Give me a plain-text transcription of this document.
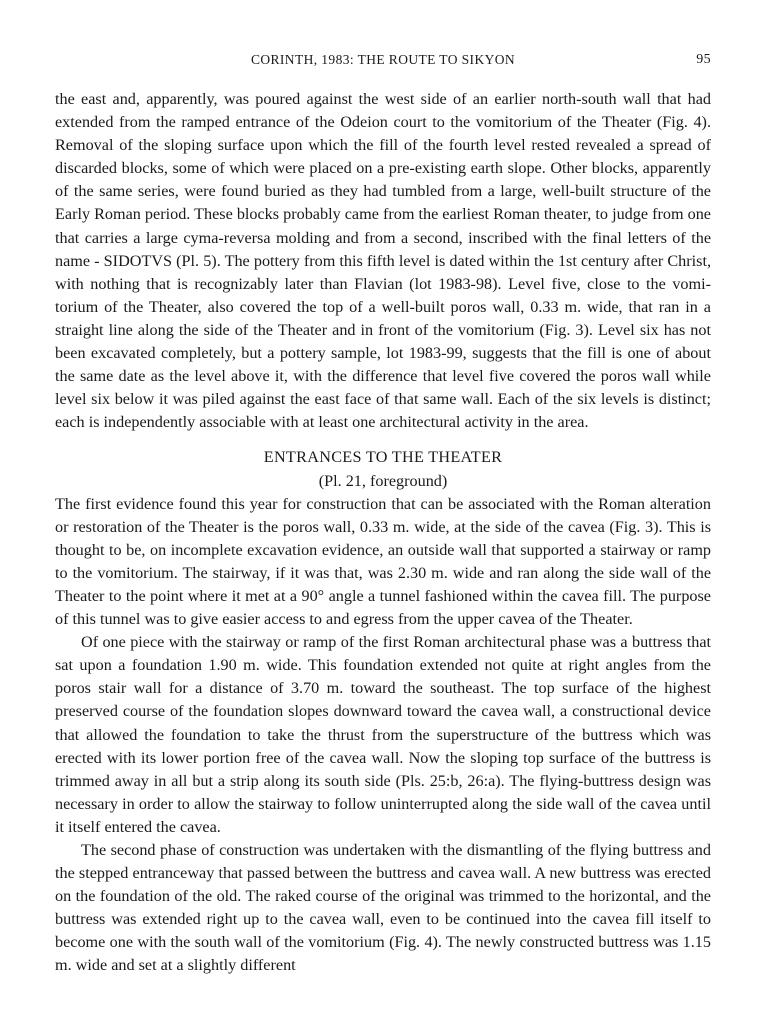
CORINTH, 1983: THE ROUTE TO SIKYON	95

the east and, apparently, was poured against the west side of an earlier north-south wall that had extended from the ramped entrance of the Odeion court to the vomitorium of the Theater (Fig. 4). Removal of the sloping surface upon which the fill of the fourth level rested revealed a spread of discarded blocks, some of which were placed on a pre-existing earth slope. Other blocks, apparently of the same series, were found buried as they had tumbled from a large, well-built structure of the Early Roman period. These blocks probably came from the earliest Roman theater, to judge from one that carries a large cyma-reversa molding and from a second, inscribed with the final letters of the name - SIDOTVS (Pl. 5). The pottery from this fifth level is dated within the 1st century after Christ, with nothing that is recognizably later than Flavian (lot 1983-98). Level five, close to the vomitorium of the Theater, also covered the top of a well-built poros wall, 0.33 m. wide, that ran in a straight line along the side of the Theater and in front of the vomitorium (Fig. 3). Level six has not been excavated completely, but a pottery sample, lot 1983-99, suggests that the fill is one of about the same date as the level above it, with the difference that level five covered the poros wall while level six below it was piled against the east face of that same wall. Each of the six levels is distinct; each is independently associable with at least one architectural activity in the area.

ENTRANCES TO THE THEATER
(Pl. 21, foreground)

The first evidence found this year for construction that can be associated with the Roman alteration or restoration of the Theater is the poros wall, 0.33 m. wide, at the side of the cavea (Fig. 3). This is thought to be, on incomplete excavation evidence, an outside wall that supported a stairway or ramp to the vomitorium. The stairway, if it was that, was 2.30 m. wide and ran along the side wall of the Theater to the point where it met at a 90° angle a tunnel fashioned within the cavea fill. The purpose of this tunnel was to give easier access to and egress from the upper cavea of the Theater.

Of one piece with the stairway or ramp of the first Roman architectural phase was a buttress that sat upon a foundation 1.90 m. wide. This foundation extended not quite at right angles from the poros stair wall for a distance of 3.70 m. toward the southeast. The top surface of the highest preserved course of the foundation slopes downward toward the cavea wall, a constructional device that allowed the foundation to take the thrust from the superstructure of the buttress which was erected with its lower portion free of the cavea wall. Now the sloping top surface of the buttress is trimmed away in all but a strip along its south side (Pls. 25:b, 26:a). The flying-buttress design was necessary in order to allow the stairway to follow uninterrupted along the side wall of the cavea until it itself entered the cavea.

The second phase of construction was undertaken with the dismantling of the flying buttress and the stepped entranceway that passed between the buttress and cavea wall. A new buttress was erected on the foundation of the old. The raked course of the original was trimmed to the horizontal, and the buttress was extended right up to the cavea wall, even to be continued into the cavea fill itself to become one with the south wall of the vomitorium (Fig. 4). The newly constructed buttress was 1.15 m. wide and set at a slightly different
